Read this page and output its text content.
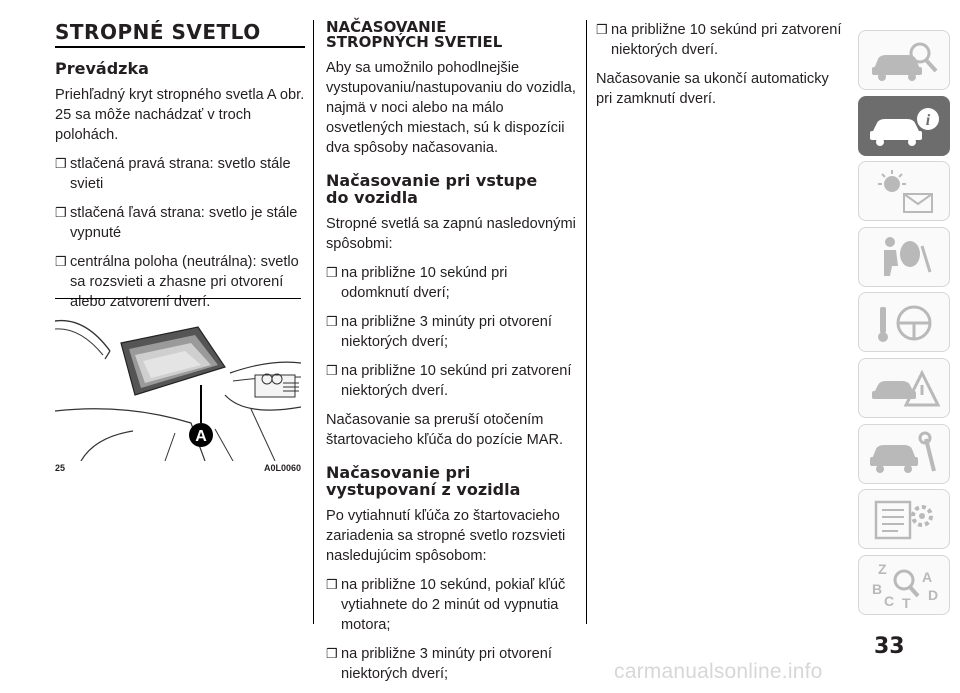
STROPNÉ SVETLO
Prevádzka

Priehľadný kryt stropného svetla A obr. 25 sa môže nachádzať v troch polohách.

❒ stlačená pravá strana: svetlo stále svieti
❒ stlačená ľavá strana: svetlo je stále vypnuté
❒ centrálna poloha (neutrálna): svetlo sa rozsvieti a zhasne pri otvorení alebo zatvorení dverí.
A
25	A0L0060
NAČASOVANIE
STROPNÝCH SVETIEL

Aby sa umožnilo pohodlnejšie vystupovaniu/nastupovaniu do vozidla, najmä v noci alebo na málo osvetlených miestach, sú k dispozícii dva spôsoby načasovania.

Načasovanie pri vstupe
do vozidla

Stropné svetlá sa zapnú nasledovnými spôsobmi:

❒ na približne 10 sekúnd pri odomknutí dverí;
❒ na približne 3 minúty pri otvorení niektorých dverí;
❒ na približne 10 sekúnd pri zatvorení niektorých dverí.

Načasovanie sa preruší otočením štartovacieho kľúča do pozície MAR.

Načasovanie pri
vystupovaní z vozidla

Po vytiahnutí kľúča zo štartovacieho zariadenia sa stropné svetlo rozsvieti nasledujúcim spôsobom:

❒ na približne 10 sekúnd, pokiaľ kľúč vytiahnete do 2 minút od vypnutia motora;
❒ na približne 3 minúty pri otvorení niektorých dverí;
❒ na približne 10 sekúnd pri zatvorení niektorých dverí.

Načasovanie sa ukončí automaticky pri zamknutí dverí.

i
Z	A
B
C D
T
33
carmanualsonline.info
